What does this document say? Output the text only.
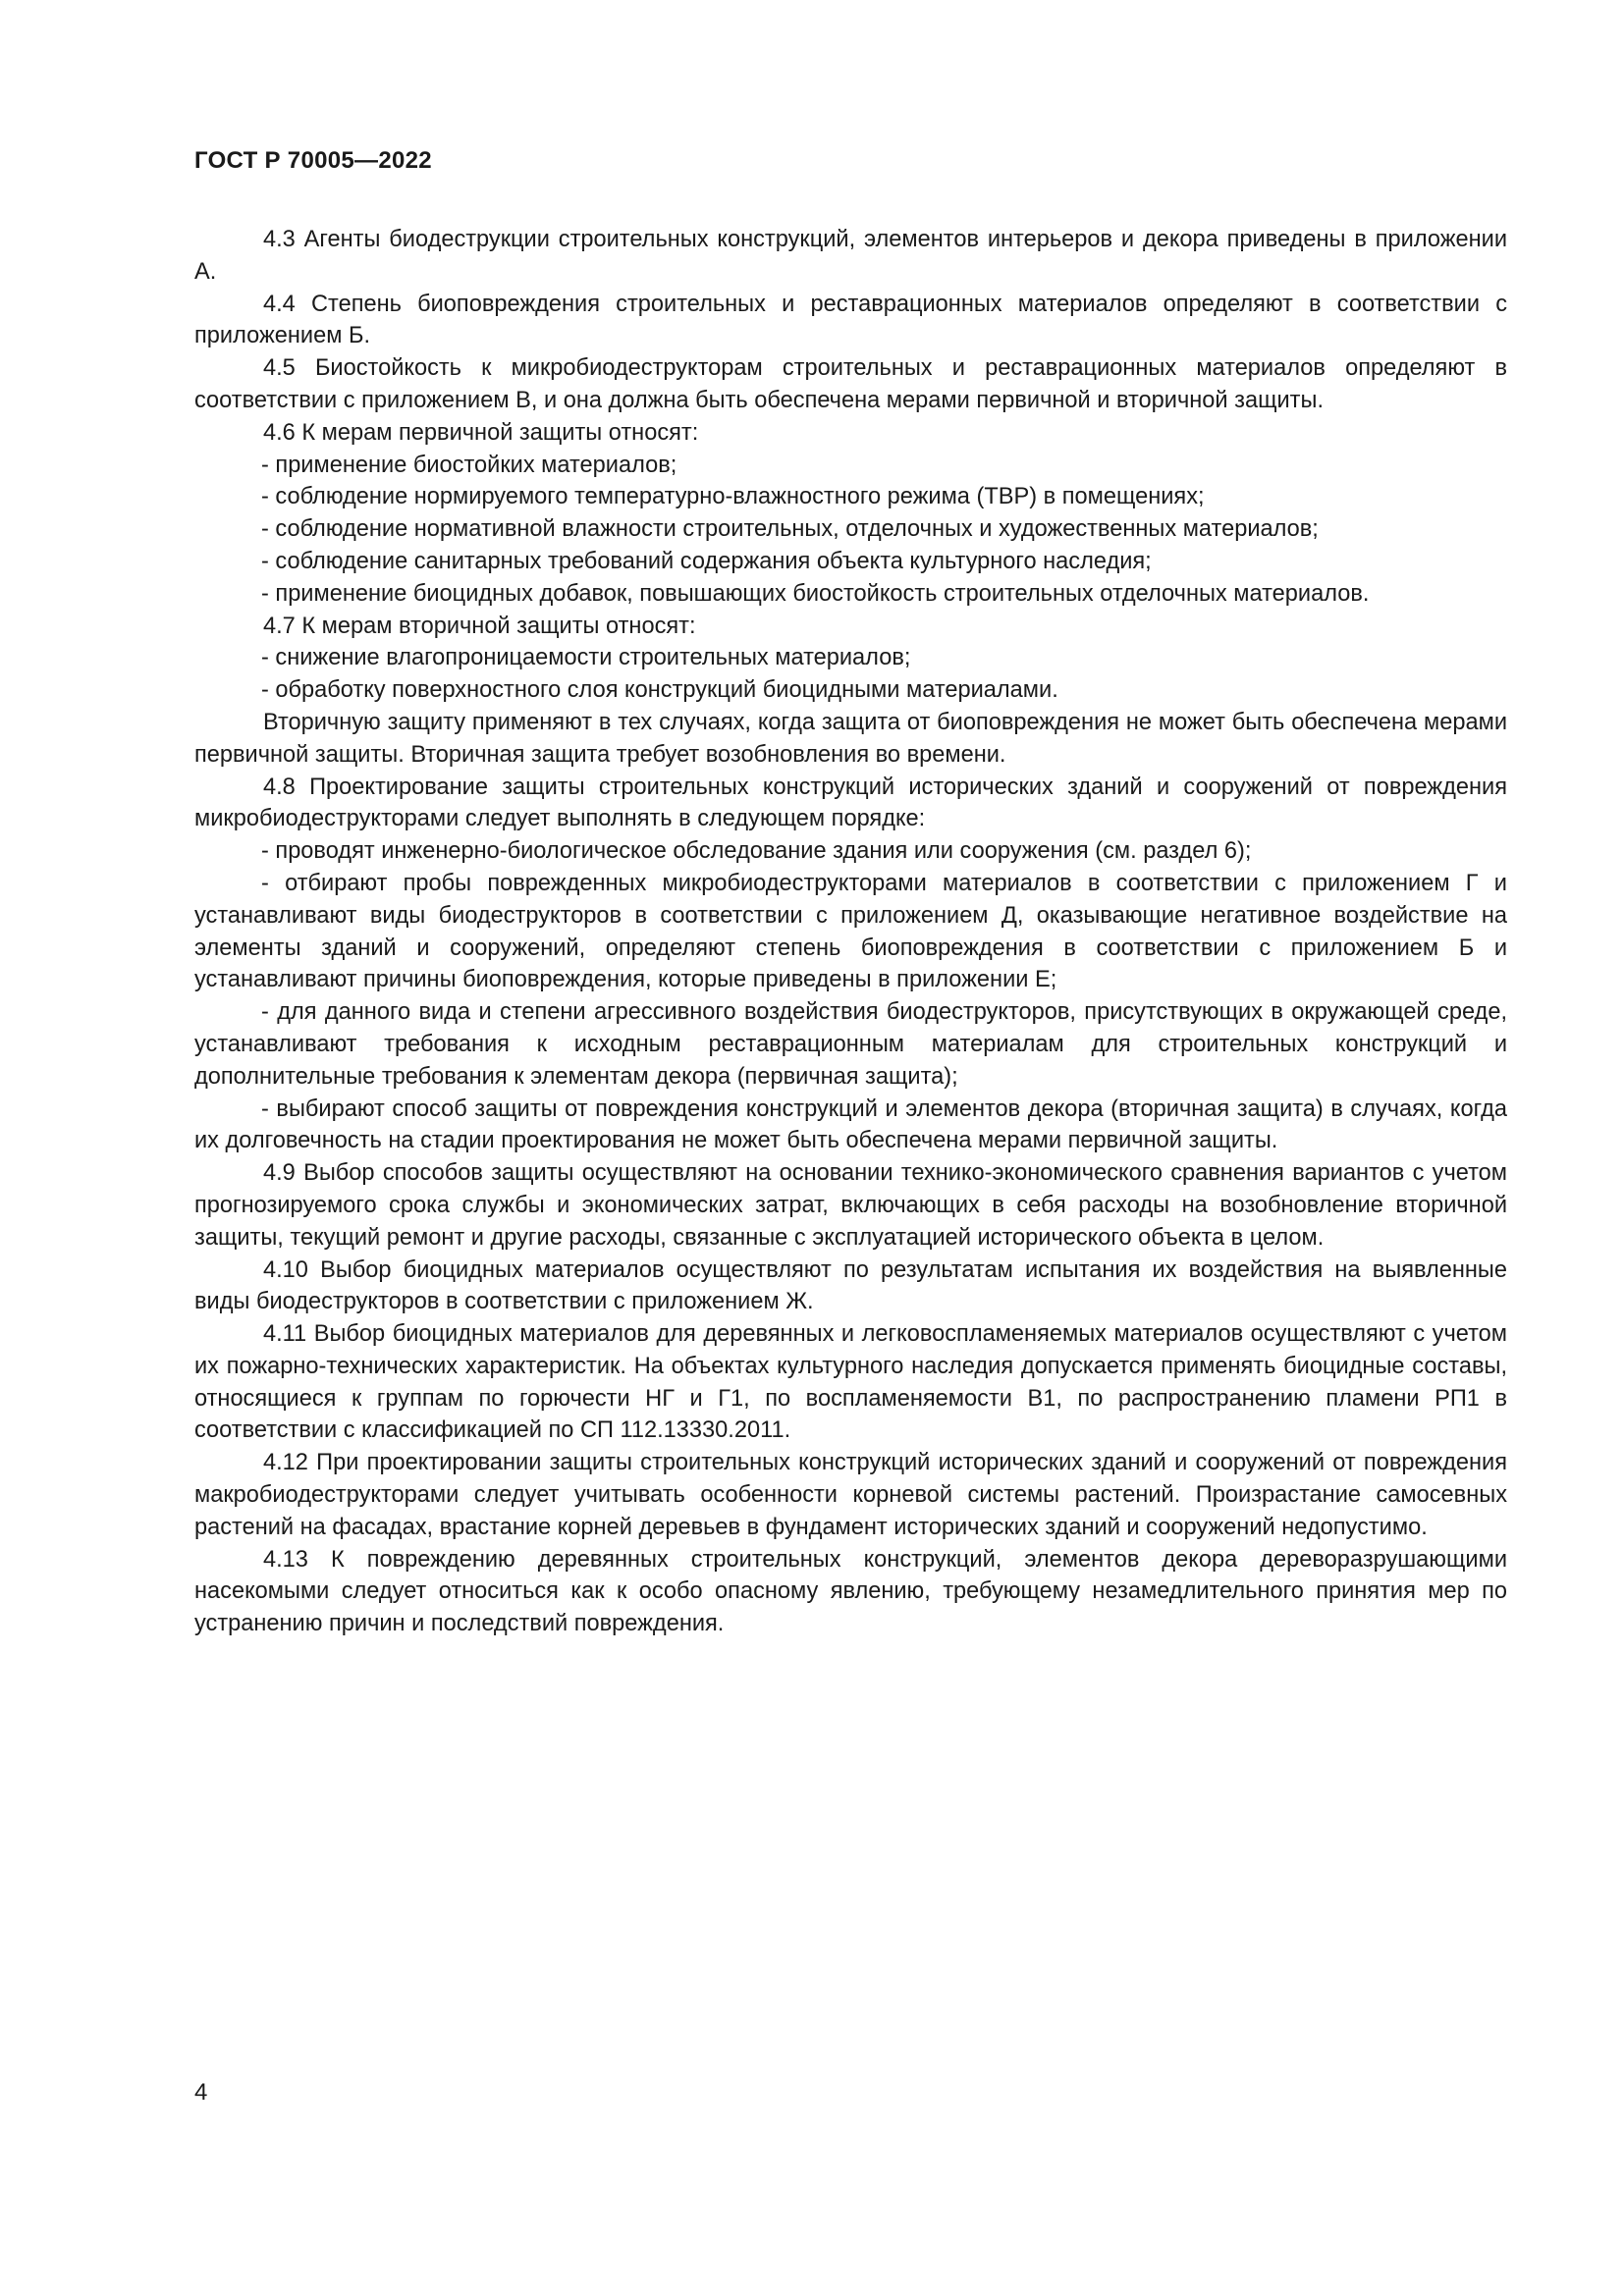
ГОСТ Р 70005—2022

4.3 Агенты биодеструкции строительных конструкций, элементов интерьеров и декора приведены в приложении А.

4.4 Степень биоповреждения строительных и реставрационных материалов определяют в соответствии с приложением Б.

4.5 Биостойкость к микробиодеструкторам строительных и реставрационных материалов определяют в соответствии с приложением В, и она должна быть обеспечена мерами первичной и вторичной защиты.

4.6 К мерам первичной защиты относят:

- применение биостойких материалов;

- соблюдение нормируемого температурно-влажностного режима (ТВР) в помещениях;

- соблюдение нормативной влажности строительных, отделочных и художественных материалов;

- соблюдение санитарных требований содержания объекта культурного наследия;

- применение биоцидных добавок, повышающих биостойкость строительных отделочных материалов.

4.7 К мерам вторичной защиты относят:

- снижение влагопроницаемости строительных материалов;

- обработку поверхностного слоя конструкций биоцидными материалами.

Вторичную защиту применяют в тех случаях, когда защита от биоповреждения не может быть обеспечена мерами первичной защиты. Вторичная защита требует возобновления во времени.

4.8 Проектирование защиты строительных конструкций исторических зданий и сооружений от повреждения микробиодеструкторами следует выполнять в следующем порядке:

- проводят инженерно-биологическое обследование здания или сооружения (см. раздел 6);

- отбирают пробы поврежденных микробиодеструкторами материалов в соответствии с приложением Г и устанавливают виды биодеструкторов в соответствии с приложением Д, оказывающие негативное воздействие на элементы зданий и сооружений, определяют степень биоповреждения в соответствии с приложением Б и устанавливают причины биоповреждения, которые приведены в приложении Е;

- для данного вида и степени агрессивного воздействия биодеструкторов, присутствующих в окружающей среде, устанавливают требования к исходным реставрационным материалам для строительных конструкций и дополнительные требования к элементам декора (первичная защита);

- выбирают способ защиты от повреждения конструкций и элементов декора (вторичная защита) в случаях, когда их долговечность на стадии проектирования не может быть обеспечена мерами первичной защиты.

4.9 Выбор способов защиты осуществляют на основании технико-экономического сравнения вариантов с учетом прогнозируемого срока службы и экономических затрат, включающих в себя расходы на возобновление вторичной защиты, текущий ремонт и другие расходы, связанные с эксплуатацией исторического объекта в целом.

4.10 Выбор биоцидных материалов осуществляют по результатам испытания их воздействия на выявленные виды биодеструкторов в соответствии с приложением Ж.

4.11 Выбор биоцидных материалов для деревянных и легковоспламеняемых материалов осуществляют с учетом их пожарно-технических характеристик. На объектах культурного наследия допускается применять биоцидные составы, относящиеся к группам по горючести НГ и Г1, по воспламеняемости В1, по распространению пламени РП1 в соответствии с классификацией по СП 112.13330.2011.

4.12 При проектировании защиты строительных конструкций исторических зданий и сооружений от повреждения макробиодеструкторами следует учитывать особенности корневой системы растений. Произрастание самосевных растений на фасадах, врастание корней деревьев в фундамент исторических зданий и сооружений недопустимо.

4.13 К повреждению деревянных строительных конструкций, элементов декора дереворазрушающими насекомыми следует относиться как к особо опасному явлению, требующему незамедлительного принятия мер по устранению причин и последствий повреждения.

4
